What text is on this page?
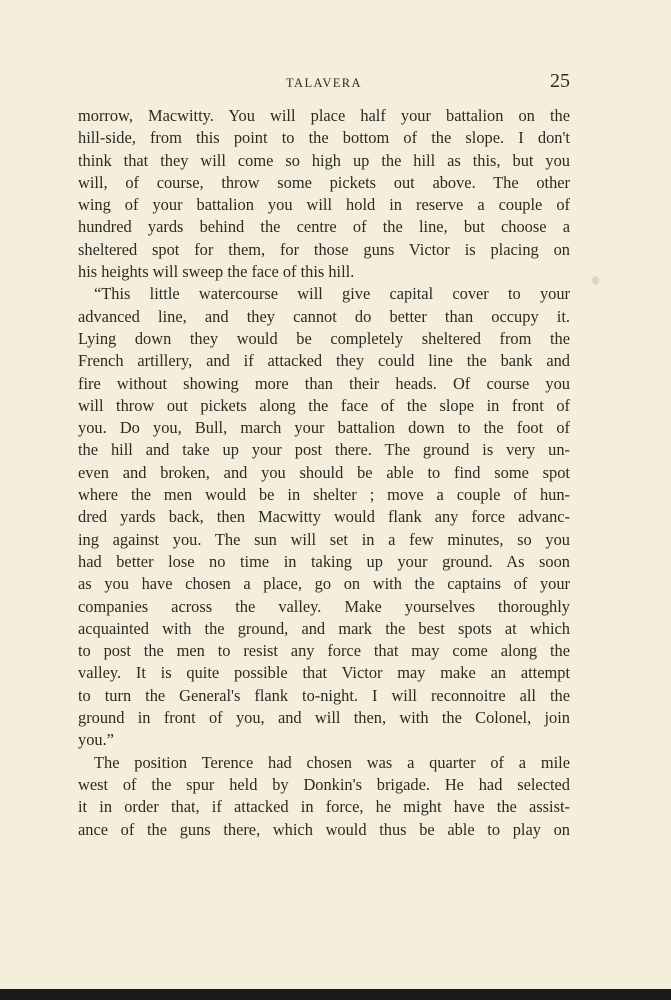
TALAVERA	25
morrow, Macwitty. You will place half your battalion on the
hill-side, from this point to the bottom of the slope. I don't
think that they will come so high up the hill as this, but you
will, of course, throw some pickets out above. The other
wing of your battalion you will hold in reserve a couple of
hundred yards behind the centre of the line, but choose a
sheltered spot for them, for those guns Victor is placing on
his heights will sweep the face of this hill.
“This little watercourse will give capital cover to your
advanced line, and they cannot do better than occupy it.
Lying down they would be completely sheltered from the
French artillery, and if attacked they could line the bank and
fire without showing more than their heads. Of course you
will throw out pickets along the face of the slope in front of
you. Do you, Bull, march your battalion down to the foot of
the hill and take up your post there. The ground is very un-
even and broken, and you should be able to find some spot
where the men would be in shelter ; move a couple of hun-
dred yards back, then Macwitty would flank any force advanc-
ing against you. The sun will set in a few minutes, so you
had better lose no time in taking up your ground. As soon
as you have chosen a place, go on with the captains of your
companies across the valley. Make yourselves thoroughly
acquainted with the ground, and mark the best spots at which
to post the men to resist any force that may come along the
valley. It is quite possible that Victor may make an attempt
to turn the General's flank to-night. I will reconnoitre all the
ground in front of you, and will then, with the Colonel, join
you.”
The position Terence had chosen was a quarter of a mile
west of the spur held by Donkin's brigade. He had selected
it in order that, if attacked in force, he might have the assist-
ance of the guns there, which would thus be able to play on
